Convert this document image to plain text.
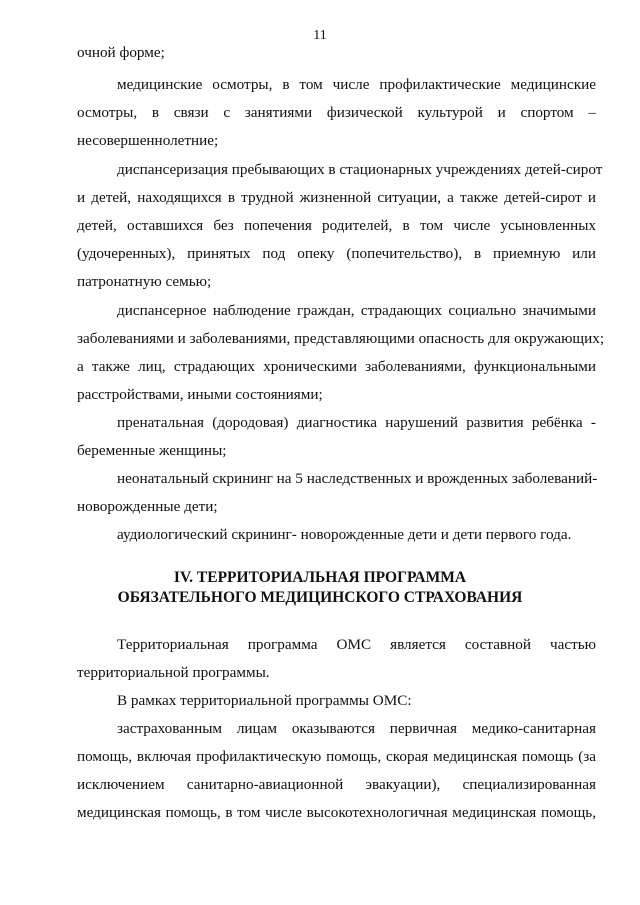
11
очной форме;
медицинские осмотры, в том числе профилактические медицинские
осмотры, в связи с занятиями физической культурой и спортом –
несовершеннолетние;
диспансеризация пребывающих в стационарных учреждениях детей-сирот
и детей, находящихся в трудной жизненной ситуации, а также детей-сирот и
детей, оставшихся без попечения родителей, в том числе усыновленных
(удочеренных), принятых под опеку (попечительство), в приемную или
патронатную семью;
диспансерное наблюдение граждан, страдающих социально значимыми
заболеваниями и заболеваниями, представляющими опасность для окружающих;
а также лиц, страдающих хроническими заболеваниями, функциональными
расстройствами, иными состояниями;
пренатальная (дородовая) диагностика нарушений развития ребёнка -
беременные женщины;
неонатальный скрининг на 5 наследственных и врожденных заболеваний-
новорожденные дети;
аудиологический скрининг- новорожденные дети и дети первого года.
IV. ТЕРРИТОРИАЛЬНАЯ ПРОГРАММА
ОБЯЗАТЕЛЬНОГО МЕДИЦИНСКОГО СТРАХОВАНИЯ
Территориальная программа ОМС является составной частью
территориальной программы.
В рамках территориальной программы ОМС:
застрахованным лицам оказываются первичная медико-санитарная
помощь, включая профилактическую помощь, скорая медицинская помощь (за
исключением санитарно-авиационной эвакуации), специализированная
медицинская помощь, в том числе высокотехнологичная медицинская помощь,
